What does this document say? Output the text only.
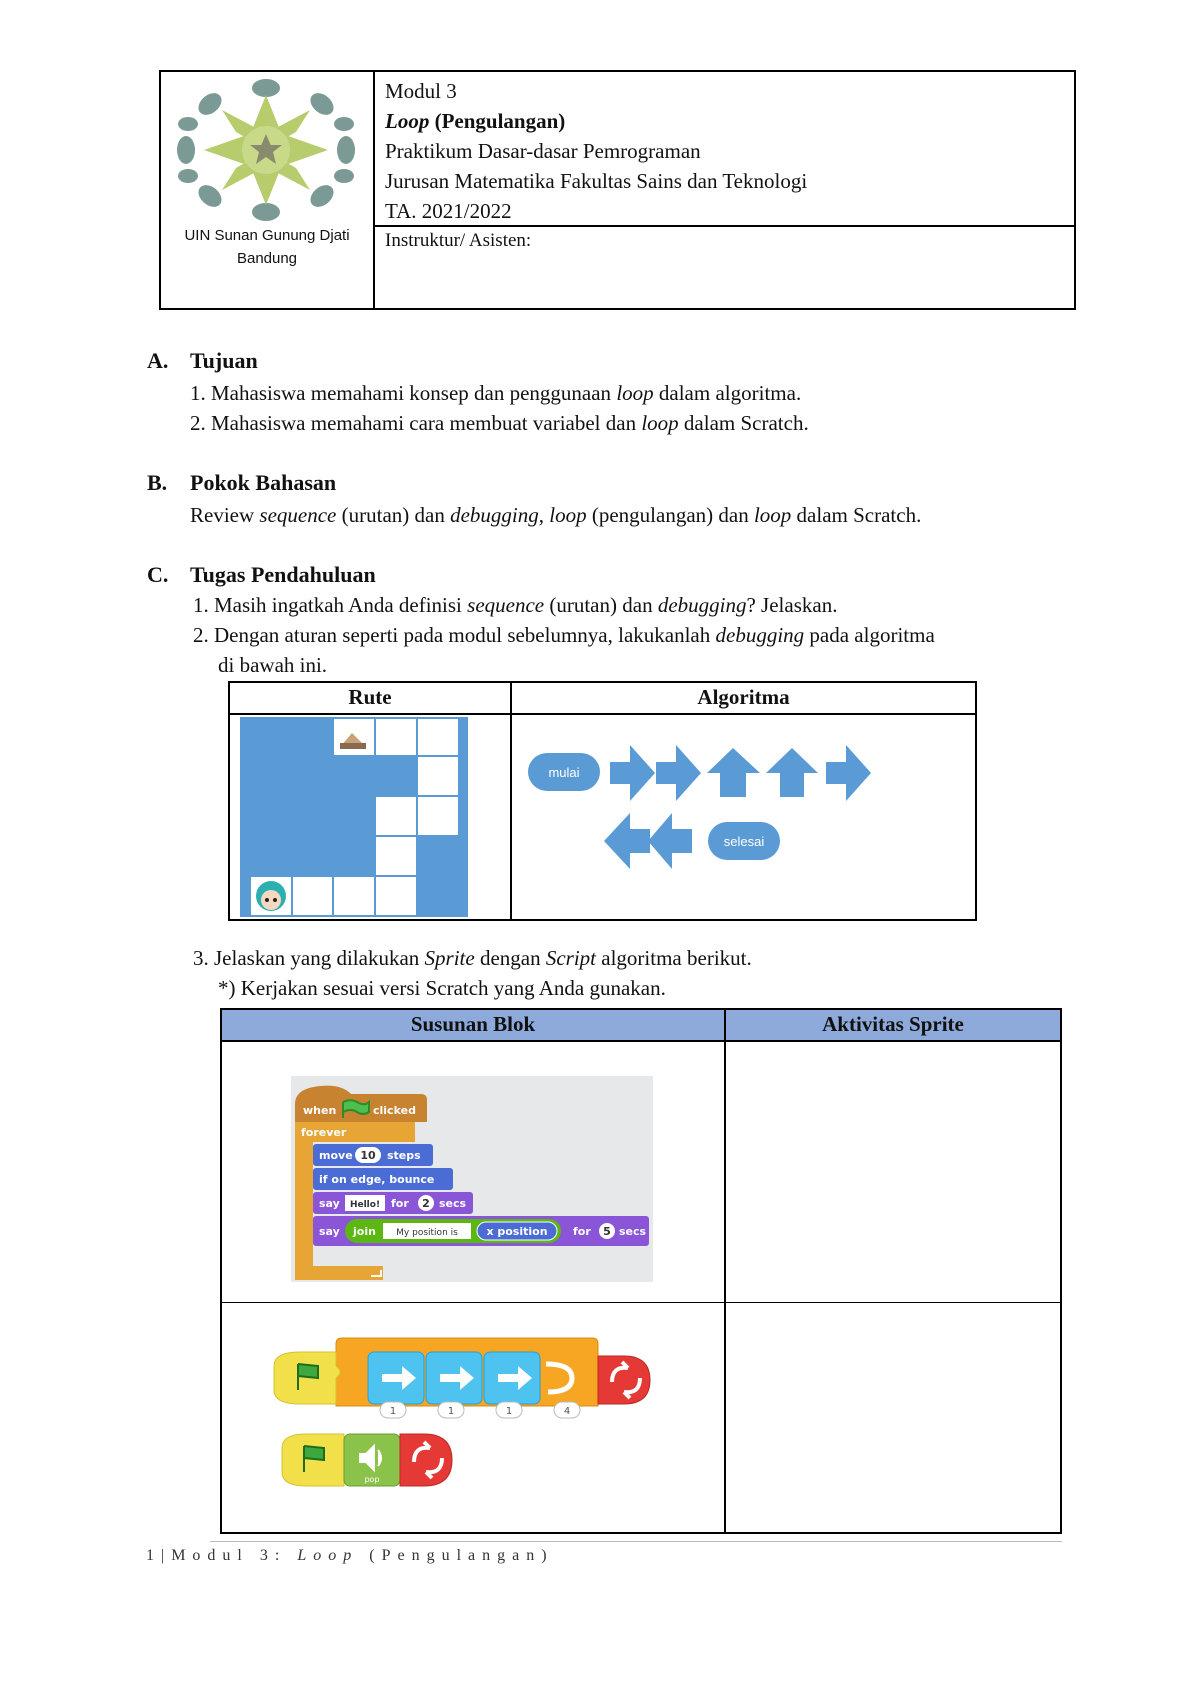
UIN Sunan Gunung Djati
Bandung
Modul 3
Loop (Pengulangan)
Praktikum Dasar-dasar Pemrograman
Jurusan Matematika Fakultas Sains dan Teknologi
TA. 2021/2022
Instruktur/ Asisten:
A. Tujuan
1. Mahasiswa memahami konsep dan penggunaan loop dalam algoritma.
2. Mahasiswa memahami cara membuat variabel dan loop dalam Scratch.
B. Pokok Bahasan
Review sequence (urutan) dan debugging, loop (pengulangan) dan loop dalam Scratch.
C. Tugas Pendahuluan
1. Masih ingatkah Anda definisi sequence (urutan) dan debugging? Jelaskan.
2. Dengan aturan seperti pada modul sebelumnya, lakukanlah debugging pada algoritma
di bawah ini.
Rute	Algoritma
mulai
selesai
3. Jelaskan yang dilakukan Sprite dengan Script algoritma berikut.
*) Kerjakan sesuai versi Scratch yang Anda gunakan.
Susunan Blok	Aktivitas Sprite
when	clicked
forever
move 10 steps
if on edge, bounce
say Hello! for 2 secs
say join My position is	x position for 5 secs
1	1	1	4
pop
1|Modul 3: Loop (Pengulangan)
